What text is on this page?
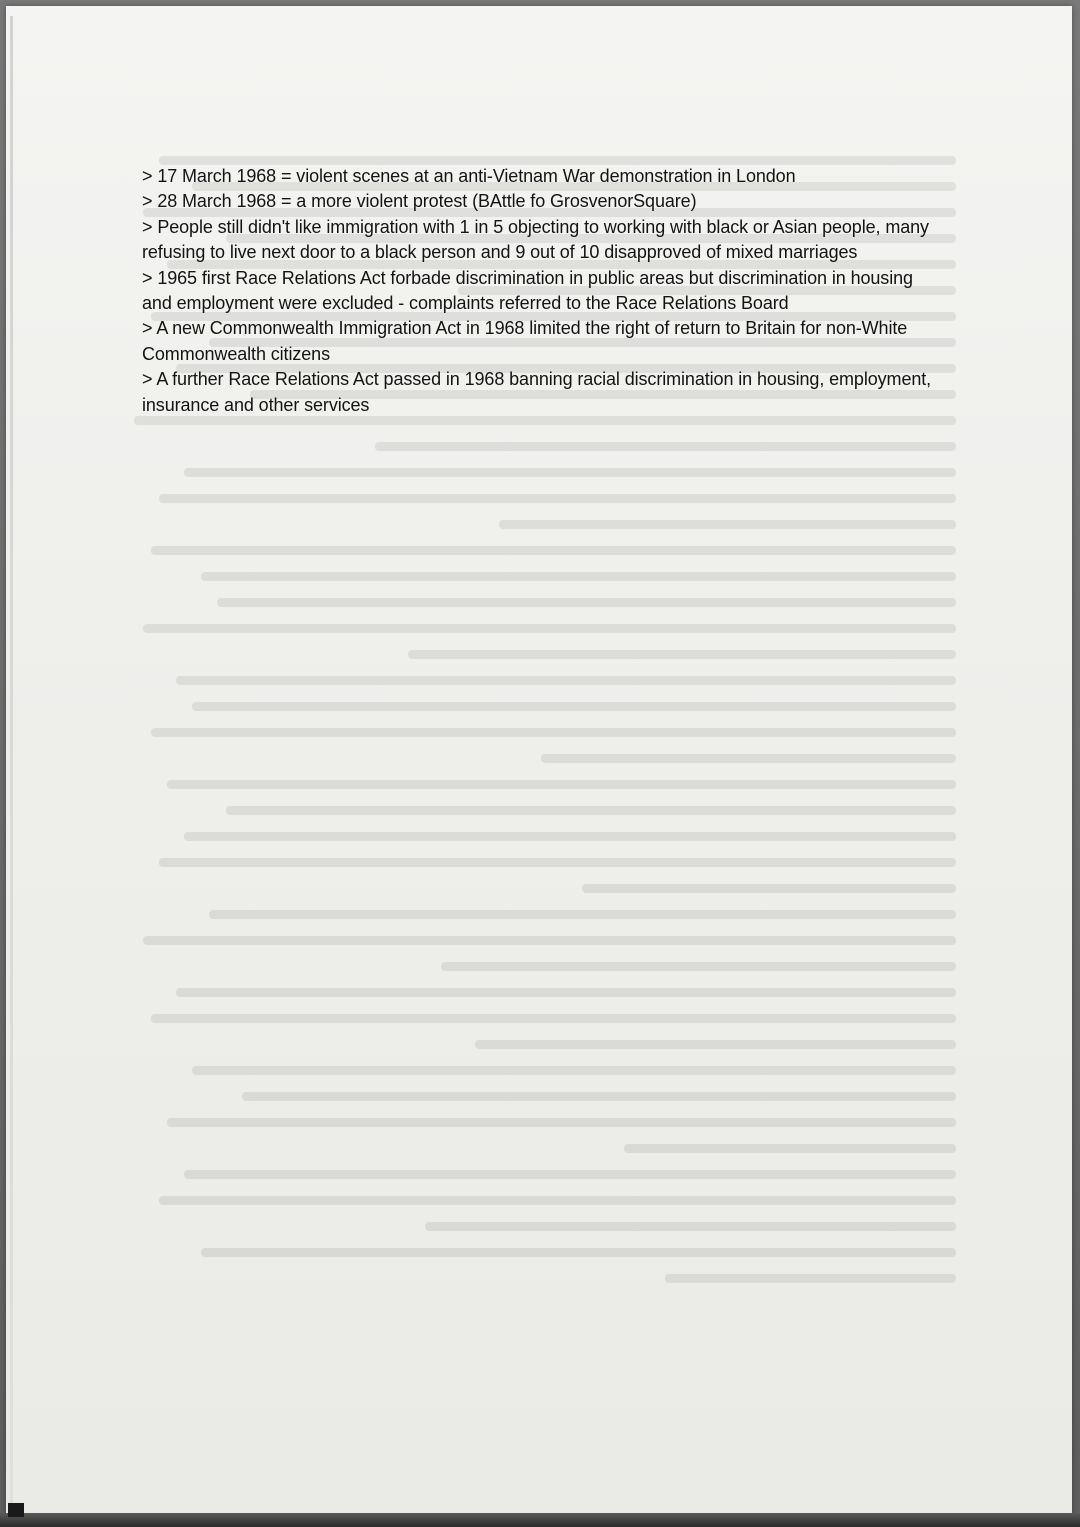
> 17 March 1968 = violent scenes at an anti-Vietnam War demonstration in London

> 28 March 1968 = a more violent protest (BAttle fo GrosvenorSquare)

> People still didn't like immigration with 1 in 5 objecting to working with black or Asian people, many refusing to live next door to a black person and 9 out of 10 disapproved of mixed marriages

> 1965 first Race Relations Act forbade discrimination in public areas but discrimination in housing and employment were excluded - complaints referred to the Race Relations Board

> A new Commonwealth Immigration Act in 1968 limited the right of return to Britain for non-White Commonwealth citizens

> A further Race Relations Act passed in 1968 banning racial discrimination in housing, employment, insurance and other services
